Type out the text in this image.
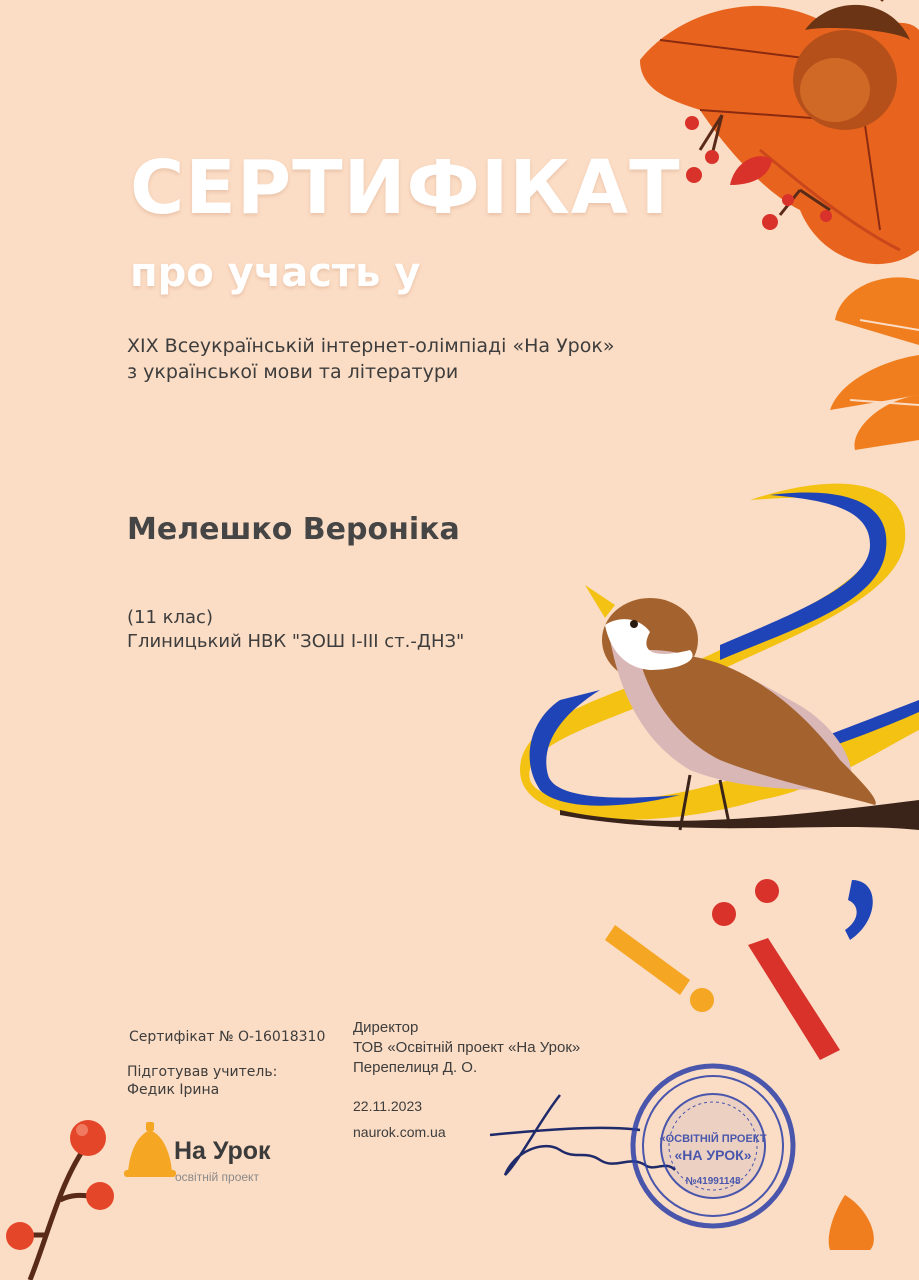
«ОСВІТНІЙ ПРОЕКТ
«НА УРОК»
№41991148
СЕРТИФІКАТ
про участь у
XIX Всеукраїнській інтернет-олімпіаді «На Урок»
з української мови та літератури
Мелешко Вероніка
(11 клас)
Глиницький НВК "ЗОШ І-ІІІ ст.-ДНЗ"
Сертифікат № О-16018310
Підготував учитель:
Федик Ірина
Директор
ТОВ «Освітній проект «На Урок»
Перепелиця Д. О.
22.11.2023
naurok.com.ua
На Урок
освітній проект
